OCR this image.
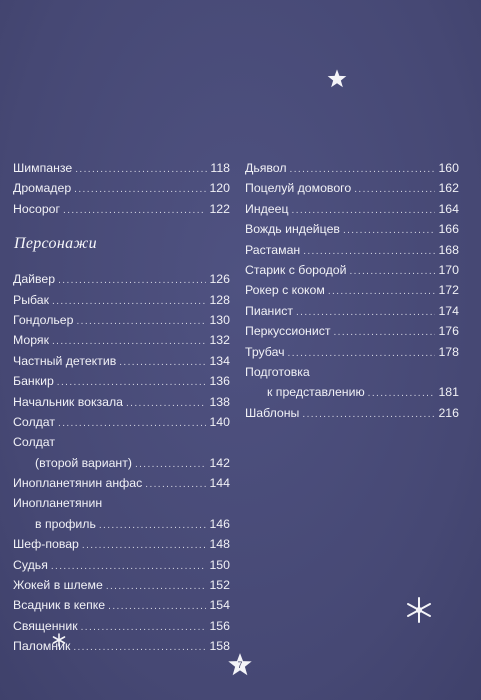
7
Шимпанзе .....	118
Дромадер .....	120
Носорог .....	122
Персонажи
Дайвер .....	126
Рыбак .....	128
Гондольер .....	130
Моряк .....	132
Частный детектив .....	134
Банкир .....	136
Начальник вокзала .....	138
Солдат .....	140
Солдат
(второй вариант) .....	142
Инопланетянин анфас .....	144
Инопланетянин
в профиль .....	146
Шеф-повар .....	148
Судья .....	150
Жокей в шлеме .....	152
Всадник в кепке .....	154
Священник .....	156
Паломник .....	158
Дьявол .....	160
Поцелуй домового .....	162
Индеец .....	164
Вождь индейцев .....	166
Растаман .....	168
Старик с бородой .....	170
Рокер с коком .....	172
Пианист .....	174
Перкуссионист .....	176
Трубач .....	178
Подготовка
к представлению .....	181
Шаблоны .....	216
